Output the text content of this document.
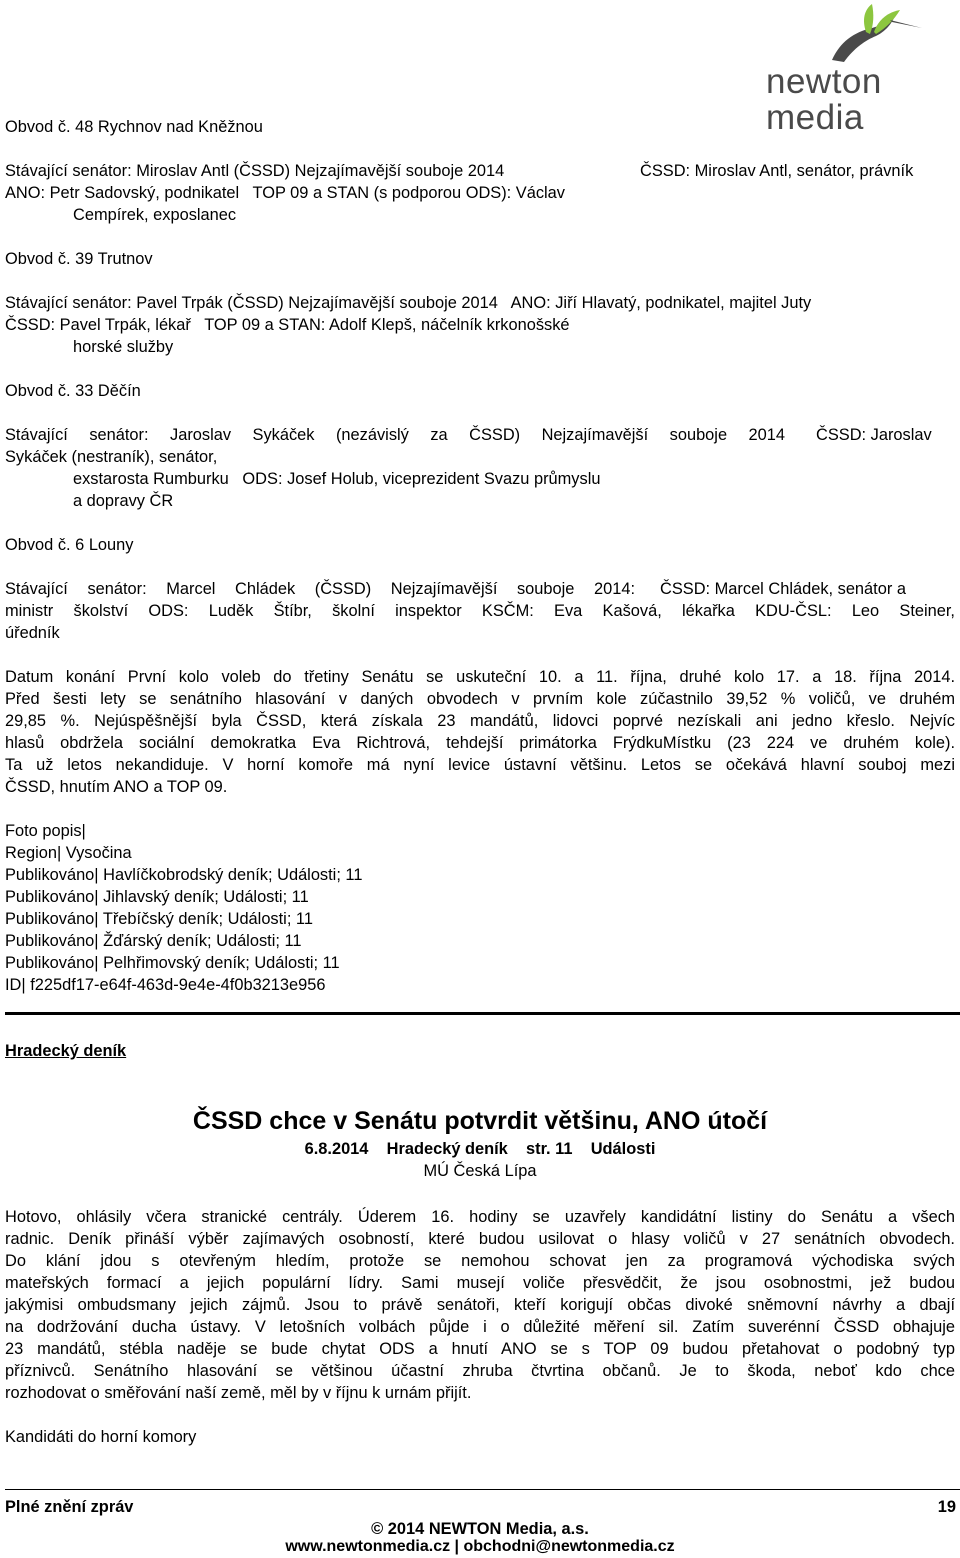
newton media
Obvod č. 48 Rychnov nad Kněžnou
Stávající senátor: Miroslav Antl (ČSSD) Nejzajímavější souboje 2014	ČSSD: Miroslav Antl, senátor, právník
ANO: Petr Sadovský, podnikatel   TOP 09 a STAN (s podporou ODS): Václav
Cempírek, exposlanec
Obvod č. 39 Trutnov
Stávající senátor: Pavel Trpák (ČSSD) Nejzajímavější souboje 2014   ANO: Jiří Hlavatý, podnikatel, majitel Juty
ČSSD: Pavel Trpák, lékař   TOP 09 a STAN: Adolf Klepš, náčelník krkonošské
horské služby
Obvod č. 33 Děčín
Stávající senátor: Jaroslav Sykáček (nezávislý za ČSSD) Nejzajímavější souboje 2014 ČSSD: Jaroslav
Sykáček (nestraník), senátor,
exstarosta Rumburku   ODS: Josef Holub, viceprezident Svazu průmyslu
a dopravy ČR
Obvod č. 6 Louny
Stávající senátor: Marcel Chládek (ČSSD) Nejzajímavější souboje 2014: ČSSD: Marcel Chládek, senátor a
ministr školství ODS: Luděk Štíbr, školní inspektor KSČM: Eva Kašová, lékařka KDU-ČSL: Leo Steiner,
úředník
Datum konání První kolo voleb do třetiny Senátu se uskuteční 10. a 11. října, druhé kolo 17. a 18. října 2014.
Před šesti lety se senátního hlasování v daných obvodech v prvním kole zúčastnilo 39,52 % voličů, ve druhém
29,85 %. Nejúspěšnější byla ČSSD, která získala 23 mandátů, lidovci poprvé nezískali ani jedno křeslo. Nejvíc
hlasů obdržela sociální demokratka Eva Richtrová, tehdejší primátorka FrýdkuMístku (23 224 ve druhém kole).
Ta už letos nekandiduje. V horní komoře má nyní levice ústavní většinu. Letos se očekává hlavní souboj mezi
ČSSD, hnutím ANO a TOP 09.
Foto popis|
Region| Vysočina
Publikováno| Havlíčkobrodský deník; Události; 11
Publikováno| Jihlavský deník; Události; 11
Publikováno| Třebíčský deník; Události; 11
Publikováno| Žďárský deník; Události; 11
Publikováno| Pelhřimovský deník; Události; 11
ID| f225df17-e64f-463d-9e4e-4f0b3213e956
Hradecký deník
ČSSD chce v Senátu potvrdit většinu, ANO útočí
6.8.2014    Hradecký deník    str. 11    Události
MÚ Česká Lípa
Hotovo, ohlásily včera stranické centrály. Úderem 16. hodiny se uzavřely kandidátní listiny do Senátu a všech
radnic. Deník přináší výběr zajímavých osobností, které budou usilovat o hlasy voličů v 27 senátních obvodech.
Do klání jdou s otevřeným hledím, protože se nemohou schovat jen za programová východiska svých
mateřských formací a jejich populární lídry. Sami musejí voliče přesvědčit, že jsou osobnostmi, jež budou
jakýmisi ombudsmany jejich zájmů. Jsou to právě senátoři, kteří korigují občas divoké sněmovní návrhy a dbají
na dodržování ducha ústavy. V letošních volbách půjde i o důležité měření sil. Zatím suverénní ČSSD obhajuje
23 mandátů, stébla naděje se bude chytat ODS a hnutí ANO se s TOP 09 budou přetahovat o podobný typ
příznivců. Senátního hlasování se většinou účastní zhruba čtvrtina občanů. Je to škoda, neboť kdo chce
rozhodovat o směřování naší země, měl by v říjnu k urnám přijít.
Kandidáti do horní komory
Plné znění zpráv	19
© 2014 NEWTON Media, a.s.
www.newtonmedia.cz | obchodni@newtonmedia.cz
